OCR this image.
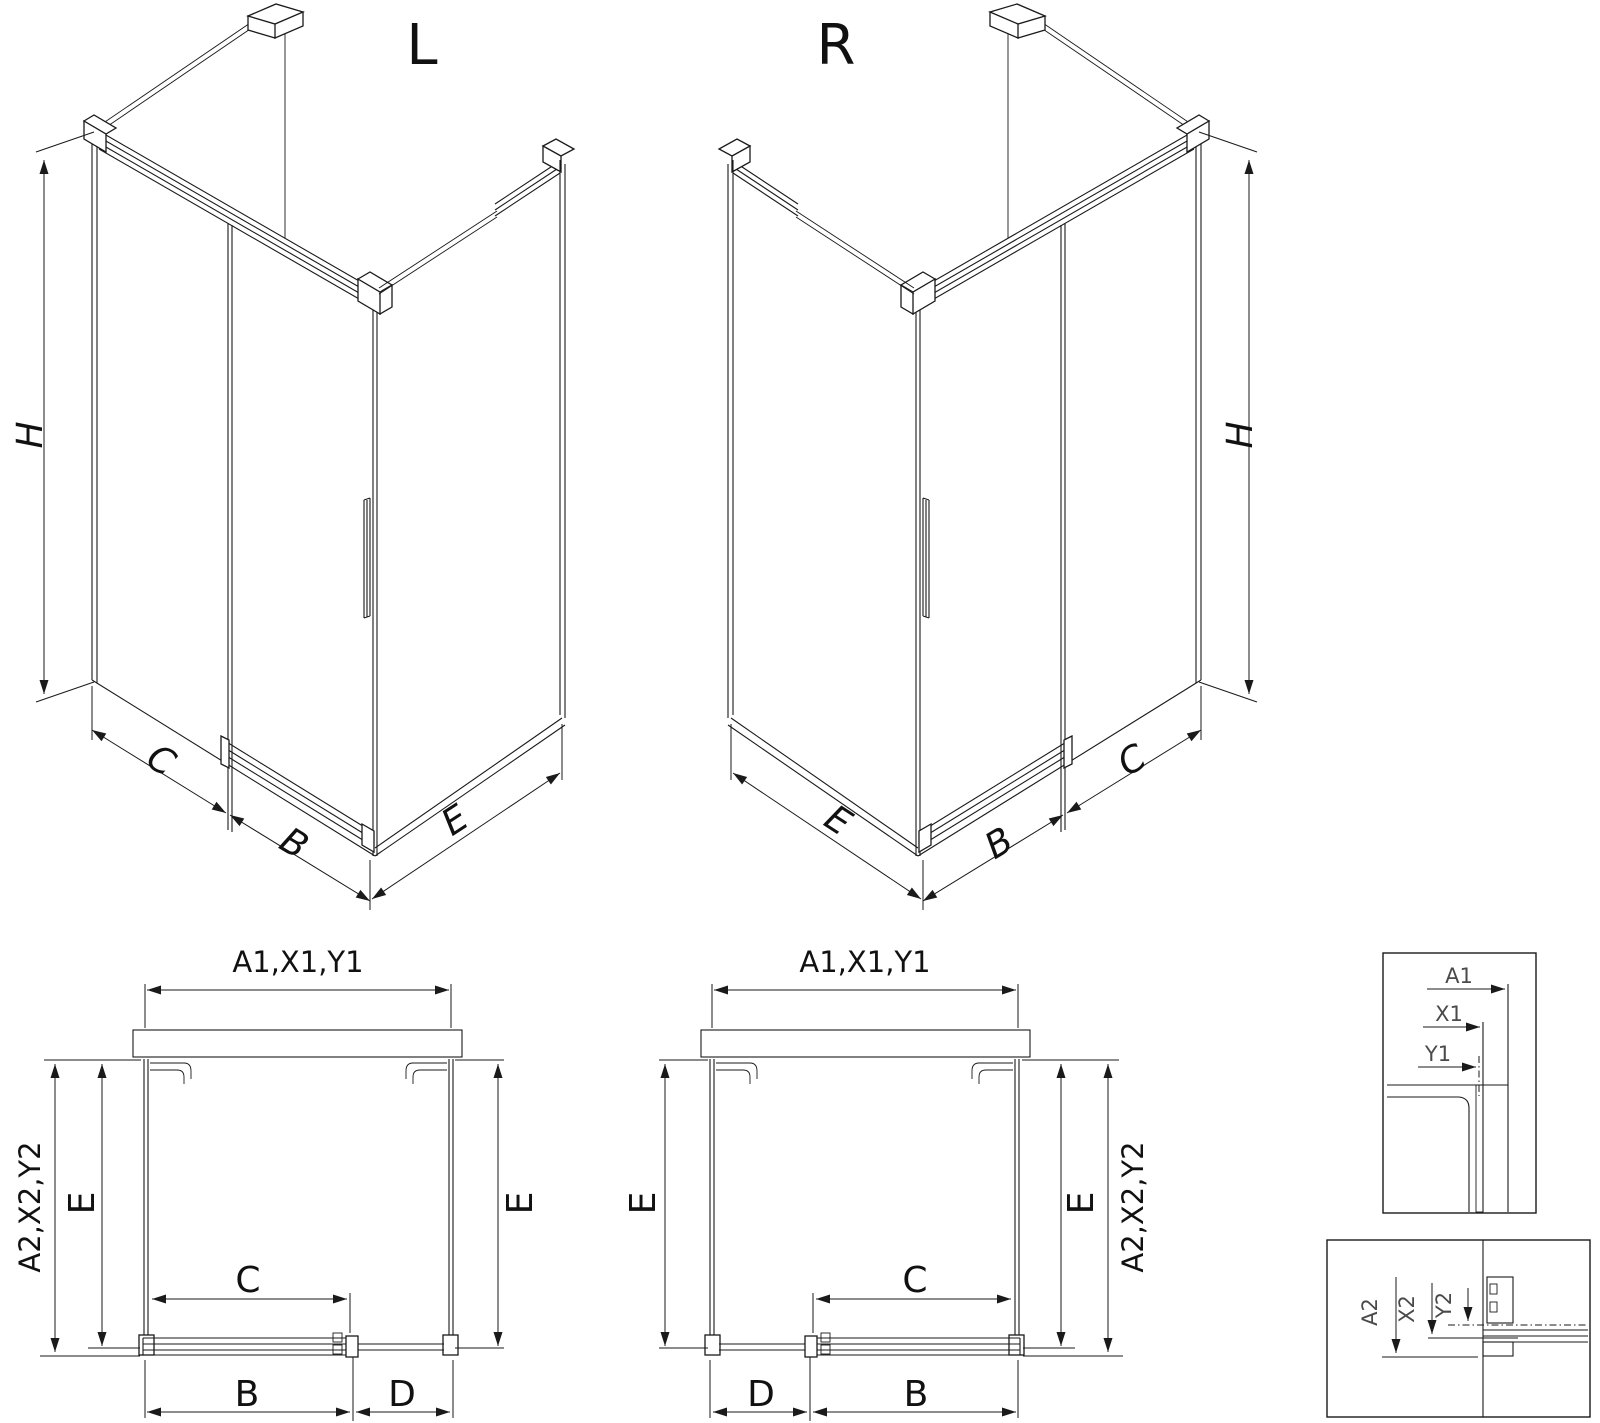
L
H
C
B	E
R
H
C
B
E
A1,X1,Y1
A2,X2,Y2 E	E
C
B	D
A1,X1,Y1
A2,X2,Y2
E	E
C
B
D
A1
X1
Y1
A2 X2 Y2
